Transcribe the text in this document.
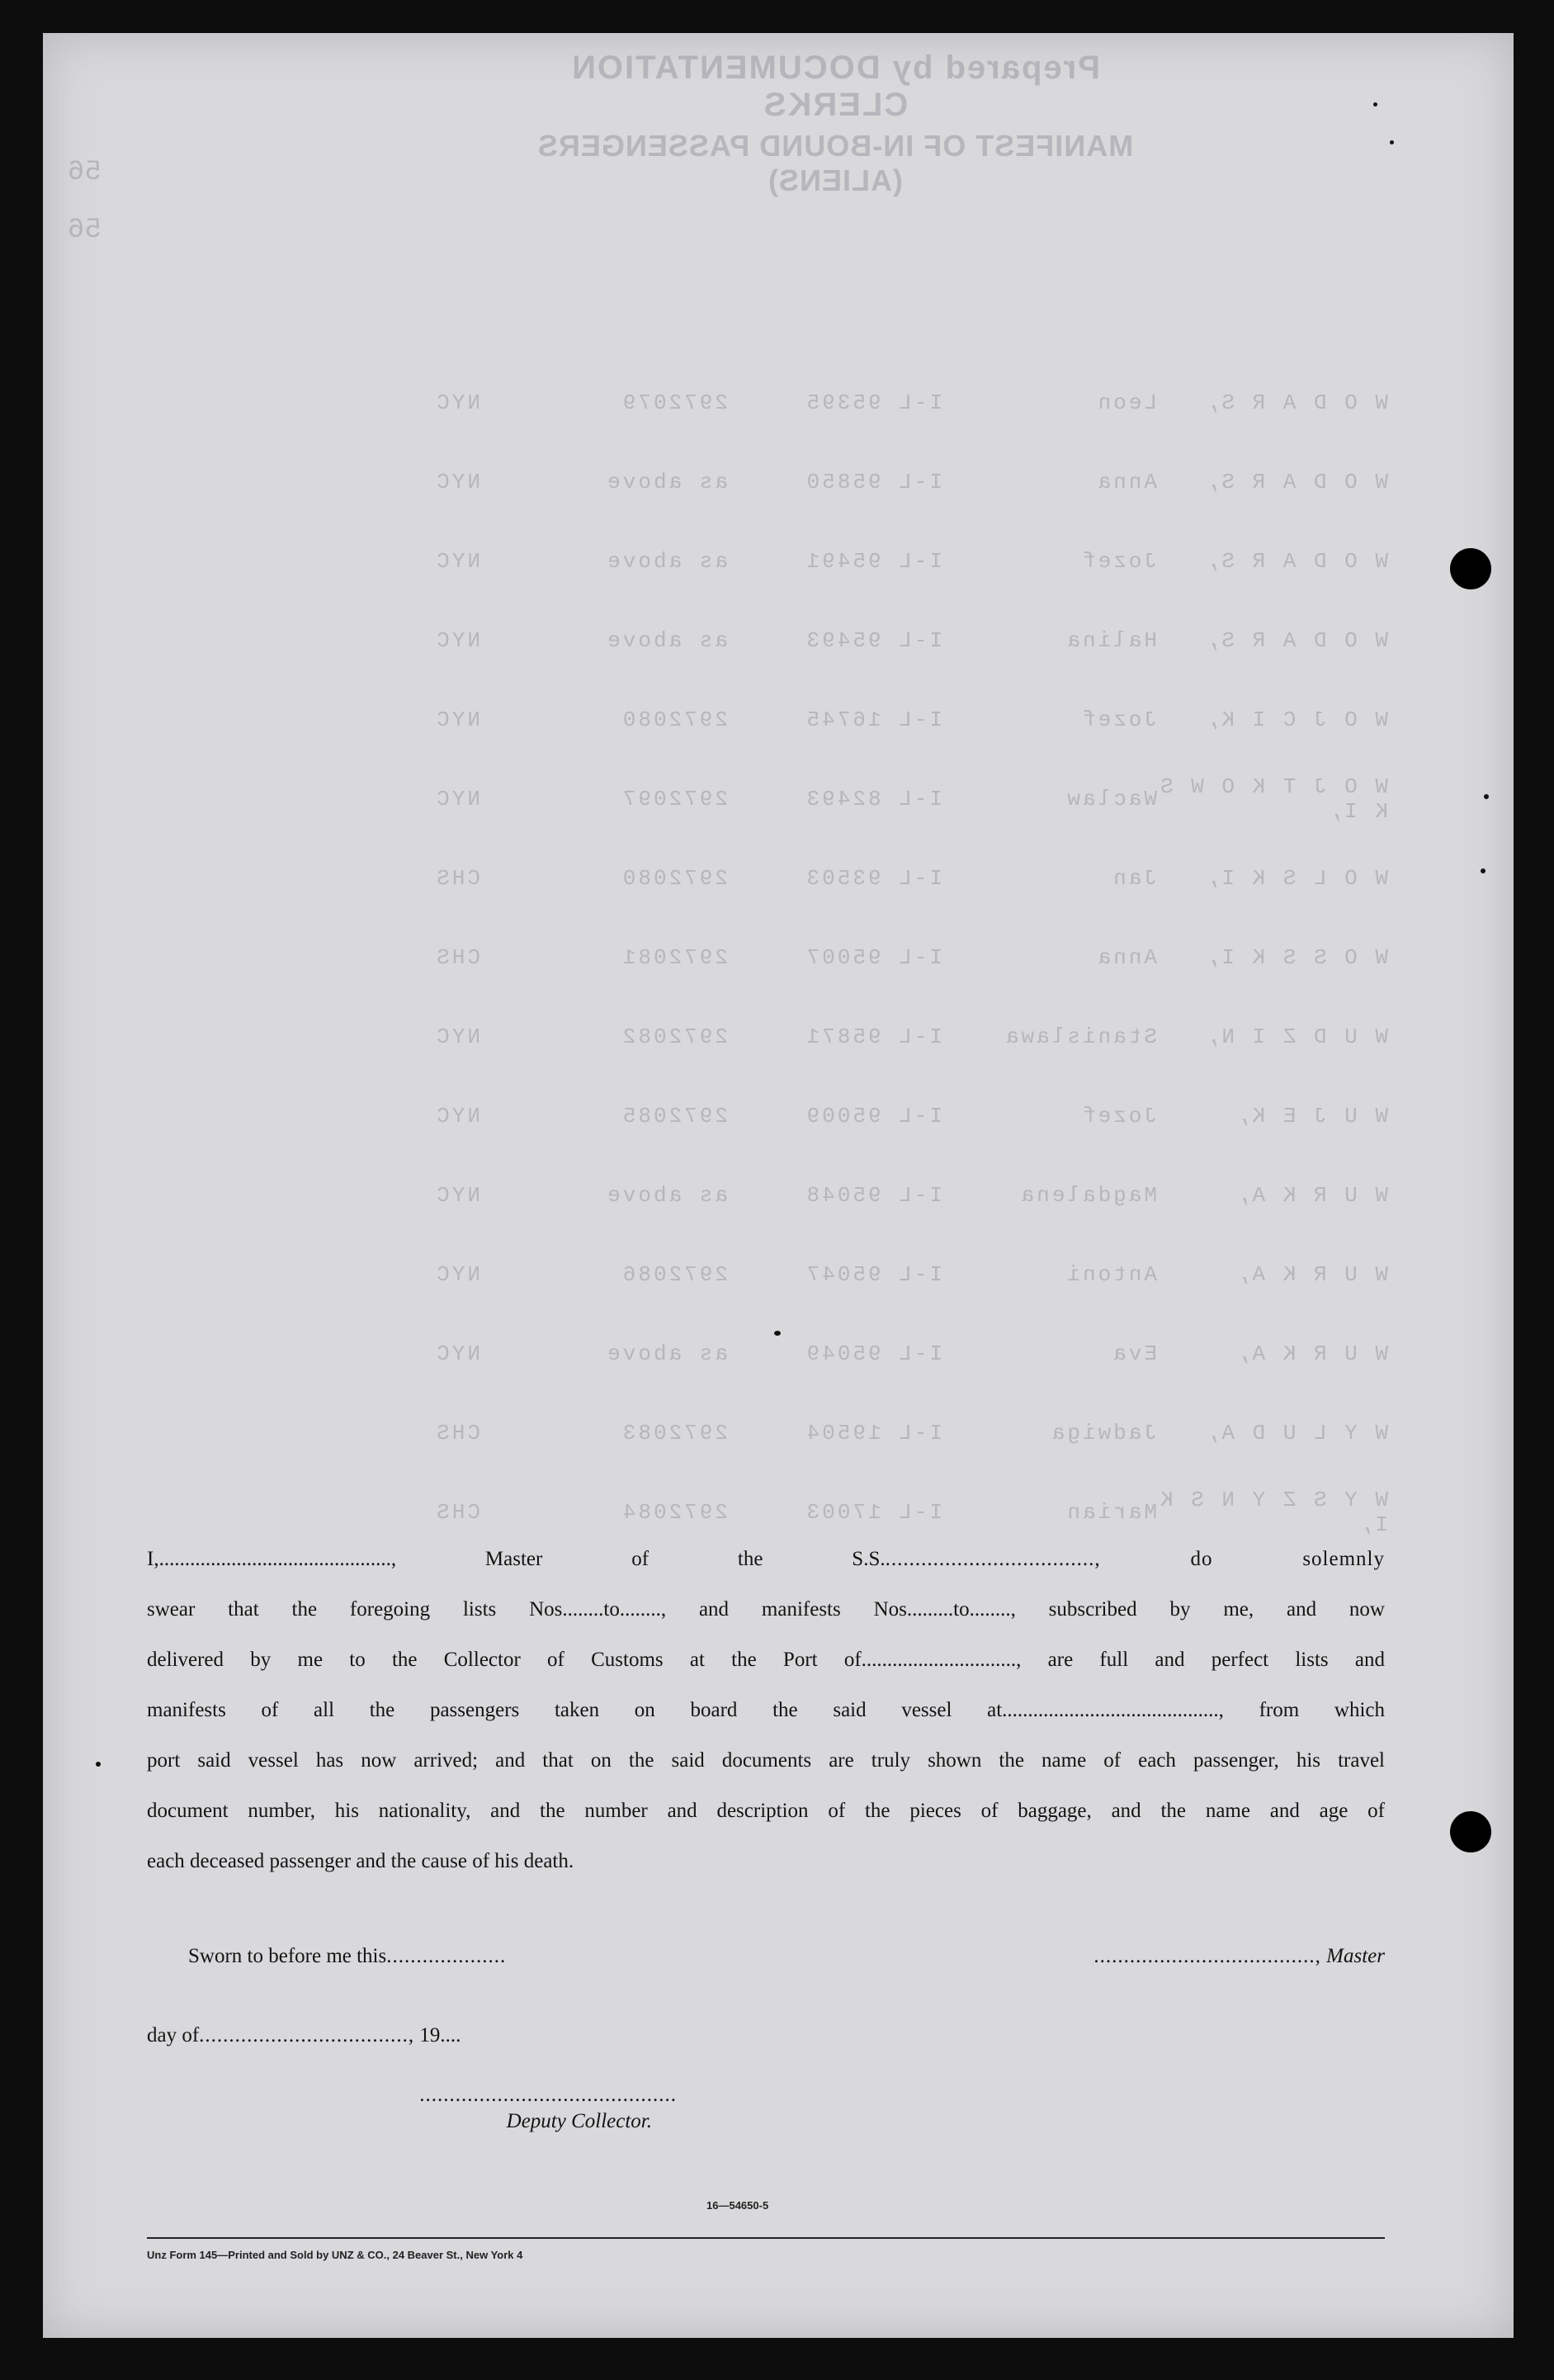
Prepared by DOCUMENTATION CLERKS
MANIFEST OF IN-BOUND PASSENGERS (ALIENS)
56
56
W O D A R S,
Leon
I-L 95395
2972079
NYC
W O D A R S,
Anna
I-L 95850
as above
NYC
W O D A R S,
Jozef
I-L 95491
as above
NYC
W O D A R S,
Halina
I-L 95493
as above
NYC
W O J C I K,
Jozef
I-L 16745
2972080
NYC
W O J T K O W S K I,
Waclaw
I-L 82493
2972097
NYC
W O L S K I,
Jan
I-L 93503
2972080
CHS
W O S S K I,
Anna
I-L 95007
2972081
CHS
W U D Z I N,
Stanislawa
I-L 95871
2972082
NYC
W U J E K,
Jozef
I-L 95009
2972085
NYC
W U R K A,
Magdalena
I-L 95048
as above
NYC
W U R K A,
Antoni
I-L 95047
2972086
NYC
W U R K A,
Eva
I-L 95049
as above
NYC
W Y L U D A,
Jadwiga
I-L 19504
2972083
CHS
W Y S Z Y N S K I,
Marian
I-L 17003
2972084
CHS
I,............................................., Master of the S.S...................................., do solemnly
swear that the foregoing lists Nos........to........, and manifests Nos.........to........, subscribed by me, and now
delivered by me to the Collector of Customs at the Port of.............................., are full and perfect lists and
manifests of all the passengers taken on board the said vessel at.........................................., from which
port said vessel has now arrived; and that on the said documents are truly shown the name of each passenger, his travel
document number, his nationality, and the number and description of the pieces of baggage, and the name and age of
each deceased passenger and the cause of his death.
Sworn to before me this....................	....................................., Master
day of..................................., 19....
...........................................
Deputy Collector.
16—54650-5
Unz Form 145—Printed and Sold by UNZ & CO., 24 Beaver St., New York 4
